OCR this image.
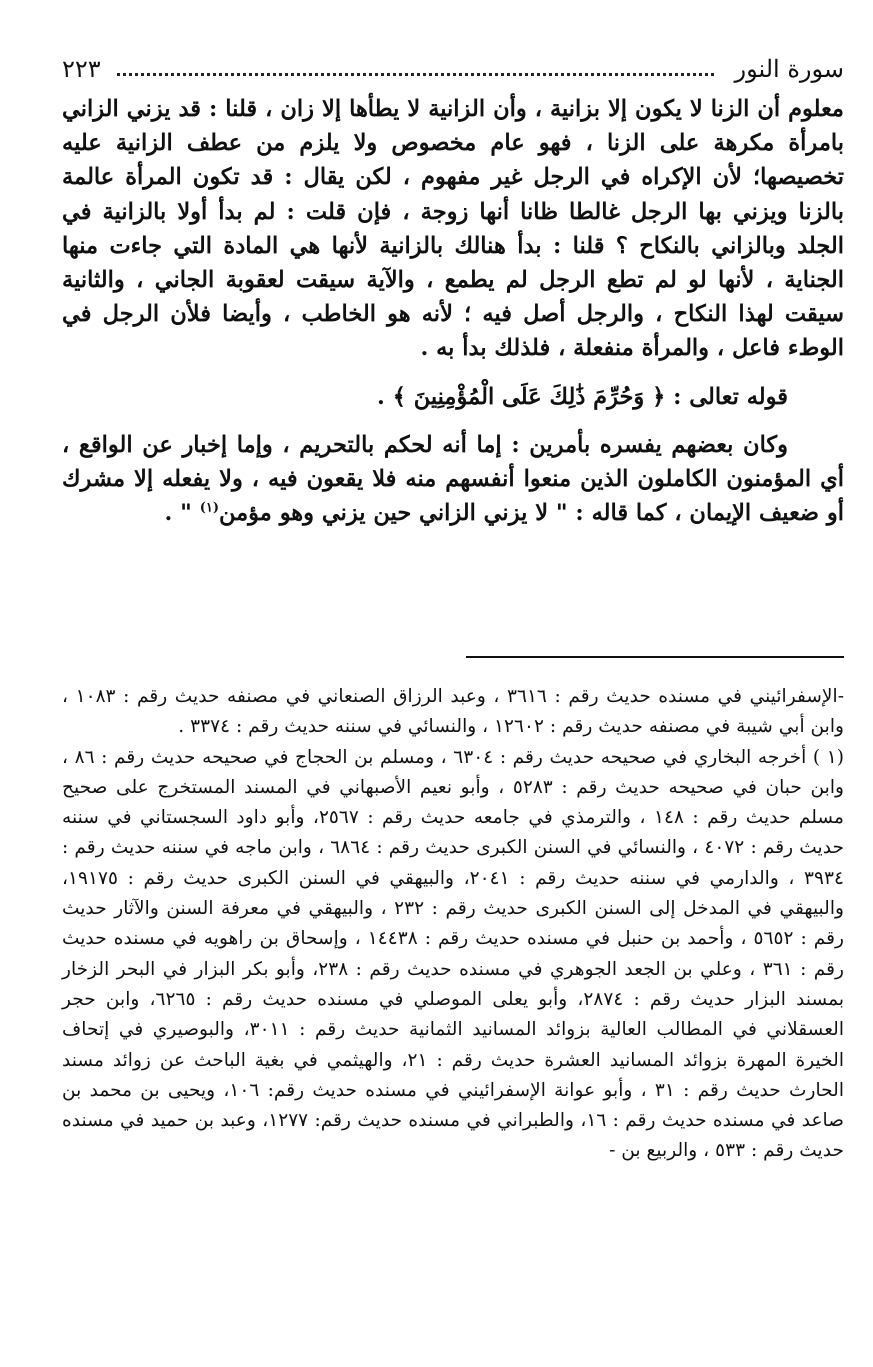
سورة النور
٢٢٣

معلوم أن الزنا لا يكون إلا بزانية ، وأن الزانية لا يطأها إلا زان ، قلنا : قد يزني الزاني بامرأة مكرهة على الزنا ، فهو عام مخصوص ولا يلزم من عطف الزانية عليه تخصيصها؛ لأن الإكراه في الرجل غير مفهوم ، لكن يقال : قد تكون المرأة عالمة بالزنا ويزني بها الرجل غالطا ظانا أنها زوجة ، فإن قلت : لم بدأ أولا بالزانية في الجلد وبالزاني بالنكاح ؟ قلنا : بدأ هنالك بالزانية لأنها هي المادة التي جاءت منها الجناية ، لأنها لو لم تطع الرجل لم يطمع ، والآية سيقت لعقوبة الجاني ، والثانية سيقت لهذا النكاح ، والرجل أصل فيه ؛ لأنه هو الخاطب ، وأيضا فلأن الرجل في الوطء فاعل ، والمرأة منفعلة ، فلذلك بدأ به .

قوله تعالى : ﴿ وَحُرِّمَ ذَٰلِكَ عَلَى الْمُؤْمِنِينَ ﴾ .

وكان بعضهم يفسره بأمرين : إما أنه لحكم بالتحريم ، وإما إخبار عن الواقع ، أي المؤمنون الكاملون الذين منعوا أنفسهم منه فلا يقعون فيه ، ولا يفعله إلا مشرك أو ضعيف الإيمان ، كما قاله : " لا يزني الزاني حين يزني وهو مؤمن$^{(١)}$ " .

-الإسفرائيني في مسنده حديث رقم : ٣٦١٦ ، وعبد الرزاق الصنعاني في مصنفه حديث رقم : ١٠٨٣ ، وابن أبي شيبة في مصنفه حديث رقم : ١٢٦٠٢ ، والنسائي في سننه حديث رقم : ٣٣٧٤ .

(١ ) أخرجه البخاري في صحيحه حديث رقم : ٦٣٠٤ ، ومسلم بن الحجاج في صحيحه حديث رقم : ٨٦ ، وابن حبان في صحيحه حديث رقم : ٥٢٨٣ ، وأبو نعيم الأصبهاني في المسند المستخرج على صحيح مسلم حديث رقم : ١٤٨ ، والترمذي في جامعه حديث رقم : ٢٥٦٧، وأبو داود السجستاني في سننه حديث رقم : ٤٠٧٢ ، والنسائي في السنن الكبرى حديث رقم : ٦٨٦٤ ، وابن ماجه في سننه حديث رقم : ٣٩٣٤ ، والدارمي في سننه حديث رقم : ٢٠٤١، والبيهقي في السنن الكبرى حديث رقم : ١٩١٧٥، والبيهقي في المدخل إلى السنن الكبرى حديث رقم : ٢٣٢ ، والبيهقي في معرفة السنن والآثار حديث رقم : ٥٦٥٢ ، وأحمد بن حنبل في مسنده حديث رقم : ١٤٤٣٨ ، وإسحاق بن راهويه في مسنده حديث رقم : ٣٦١ ، وعلي بن الجعد الجوهري في مسنده حديث رقم : ٢٣٨، وأبو بكر البزار في البحر الزخار بمسند البزار حديث رقم : ٢٨٧٤، وأبو يعلى الموصلي في مسنده حديث رقم : ٦٢٦٥، وابن حجر العسقلاني في المطالب العالية بزوائد المسانيد الثمانية حديث رقم : ٣٠١١، والبوصيري في إتحاف الخيرة المهرة بزوائد المسانيد العشرة حديث رقم : ٢١، والهيثمي في بغية الباحث عن زوائد مسند الحارث حديث رقم : ٣١ ، وأبو عوانة الإسفرائيني في مسنده حديث رقم: ١٠٦، ويحيى بن محمد بن صاعد في مسنده حديث رقم : ١٦، والطبراني في مسنده حديث رقم: ١٢٧٧، وعبد بن حميد في مسنده حديث رقم : ٥٣٣ ، والربيع بن -
